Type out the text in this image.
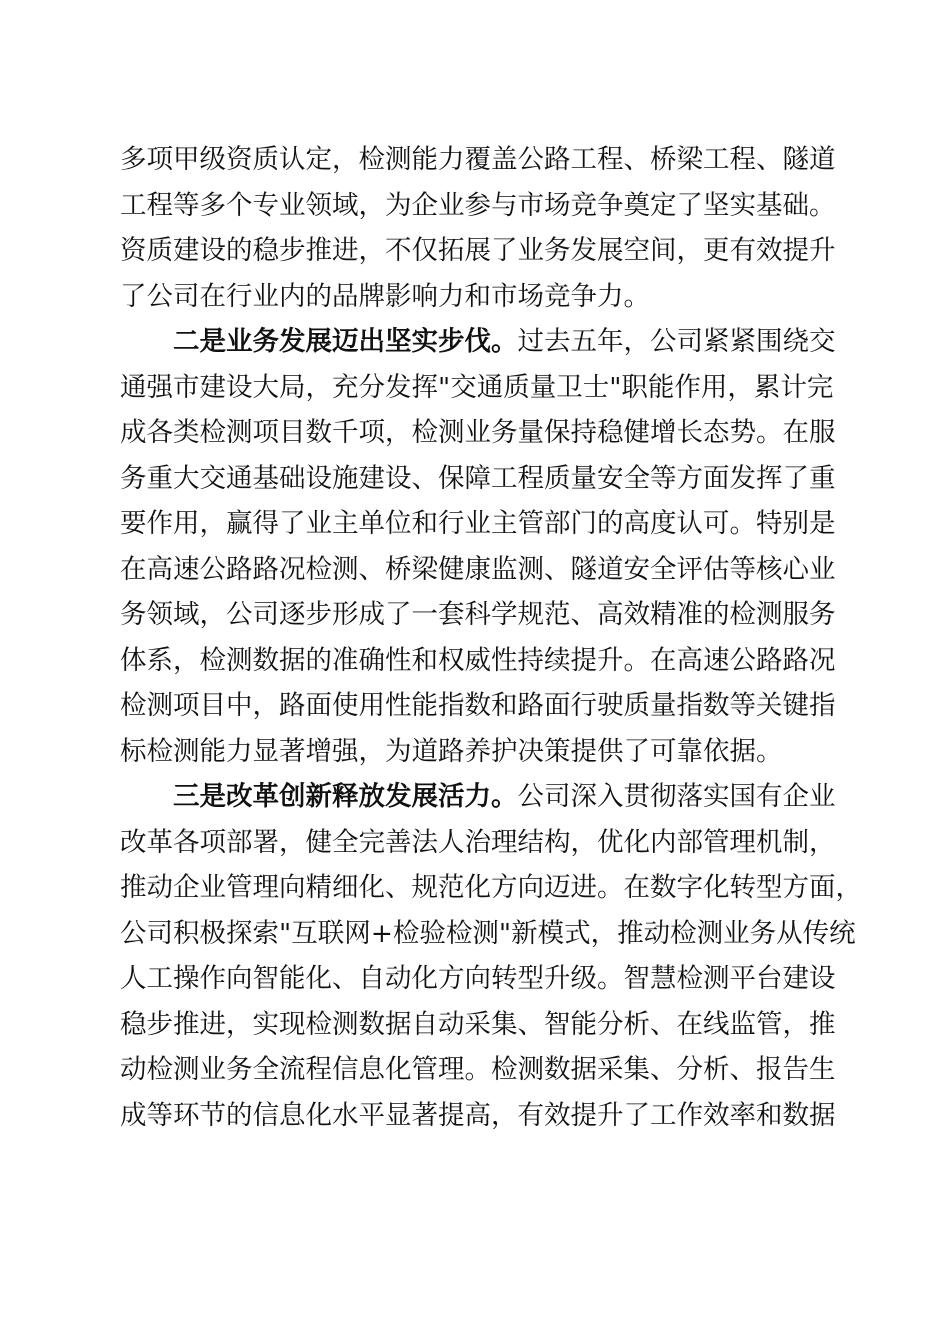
多项甲级资质认定，检测能力覆盖公路工程、桥梁工程、隧道
工程等多个专业领域，为企业参与市场竞争奠定了坚实基础。
资质建设的稳步推进，不仅拓展了业务发展空间，更有效提升
了公司在行业内的品牌影响力和市场竞争力。
二是业务发展迈出坚实步伐。过去五年，公司紧紧围绕交
通强市建设大局，充分发挥"交通质量卫士"职能作用，累计完
成各类检测项目数千项，检测业务量保持稳健增长态势。在服
务重大交通基础设施建设、保障工程质量安全等方面发挥了重
要作用，赢得了业主单位和行业主管部门的高度认可。特别是
在高速公路路况检测、桥梁健康监测、隧道安全评估等核心业
务领域，公司逐步形成了一套科学规范、高效精准的检测服务
体系，检测数据的准确性和权威性持续提升。在高速公路路况
检测项目中，路面使用性能指数和路面行驶质量指数等关键指
标检测能力显著增强，为道路养护决策提供了可靠依据。
三是改革创新释放发展活力。公司深入贯彻落实国有企业
改革各项部署，健全完善法人治理结构，优化内部管理机制，
推动企业管理向精细化、规范化方向迈进。在数字化转型方面，
公司积极探索"互联网+检验检测"新模式，推动检测业务从传统
人工操作向智能化、自动化方向转型升级。智慧检测平台建设
稳步推进，实现检测数据自动采集、智能分析、在线监管，推
动检测业务全流程信息化管理。检测数据采集、分析、报告生
成等环节的信息化水平显著提高，有效提升了工作效率和数据
